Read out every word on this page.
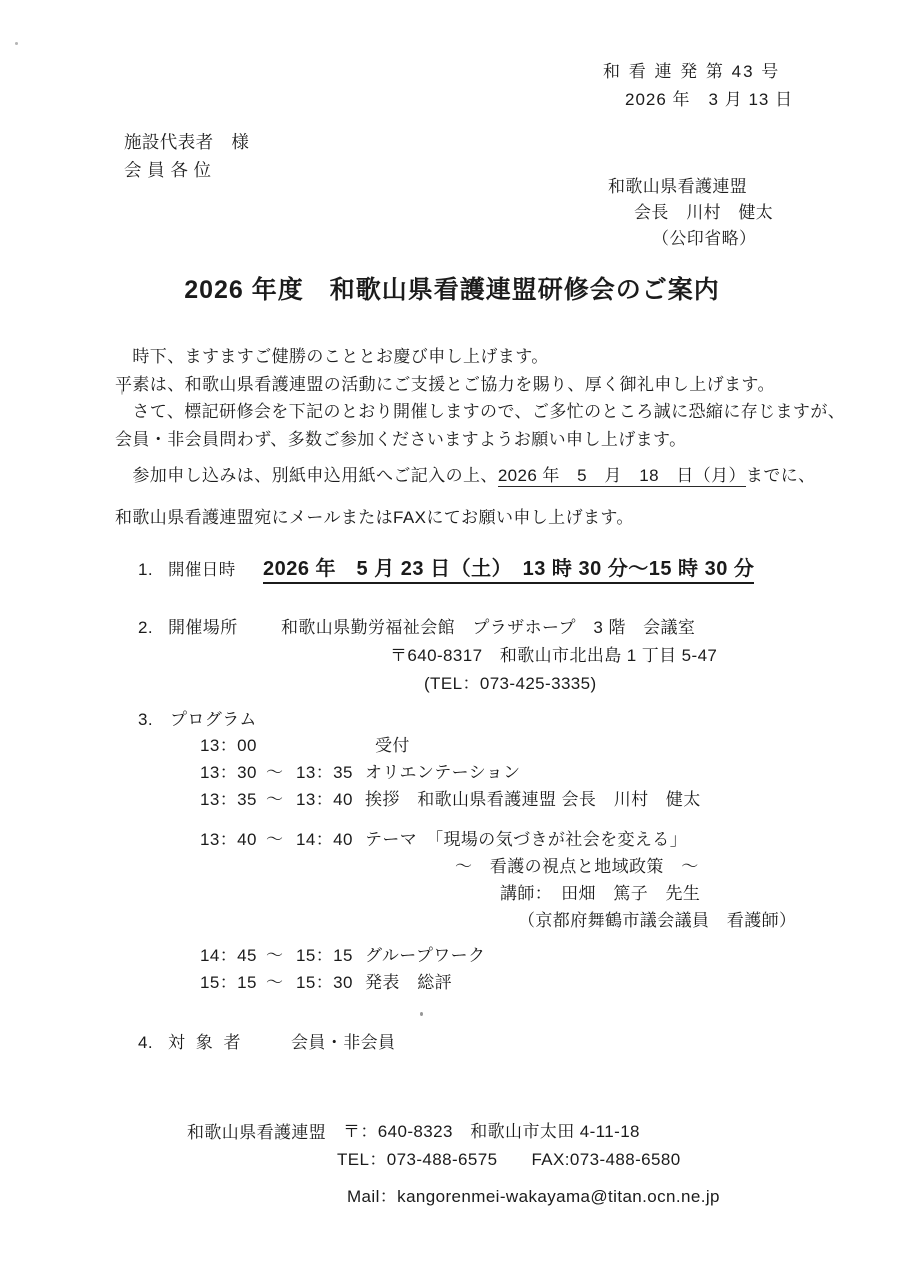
和 看 連 発 第 43 号
2026 年　3 月 13 日
施設代表者　様
会 員 各 位
和歌山県看護連盟
会長　川村　健太
（公印省略）
2026 年度　和歌山県看護連盟研修会のご案内
　時下、ますますご健勝のこととお慶び申し上げます。
平素は、和歌山県看護連盟の活動にご支援とご協力を賜り、厚く御礼申し上げます。
　さて、標記研修会を下記のとおり開催しますので、ご多忙のところ誠に恐縮に存じますが、
会員・非会員問わず、多数ご参加くださいますようお願い申し上げます。
　参加申し込みは、別紙申込用紙へご記入の上、2026 年　5　月　18　日（月）までに、
和歌山県看護連盟宛にメールまたはFAXにてお願い申し上げます。
1. 開催日時 2026 年　5 月 23 日（土）　13 時 30 分～15 時 30 分
2. 開催場所	和歌山県勤労福祉会館　プラザホープ　3 階　会議室
〒640-8317　和歌山市北出島 1 丁目 5-47
(TEL：073-425-3335)
3. プログラム
13：00	受付
13：30 ～ 13：35 オリエンテーション
13：35 ～ 13：40 挨拶　和歌山県看護連盟 会長　川村　健太
13：40 ～ 14：40 テーマ　「現場の気づきが社会を変える」
～　看護の視点と地域政策　～
講師：　田畑　篤子　先生
（京都府舞鶴市議会議員　看護師）
14：45 ～ 15：15 グループワーク
15：15 ～ 15：30 発表　総評
4. 対 象 者	会員・非会員
和歌山県看護連盟 〒：640-8323　和歌山市太田 4-11-18
TEL：073-488-6575 FAX:073-488-6580
Mail：kangorenmei-wakayama@titan.ocn.ne.jp
